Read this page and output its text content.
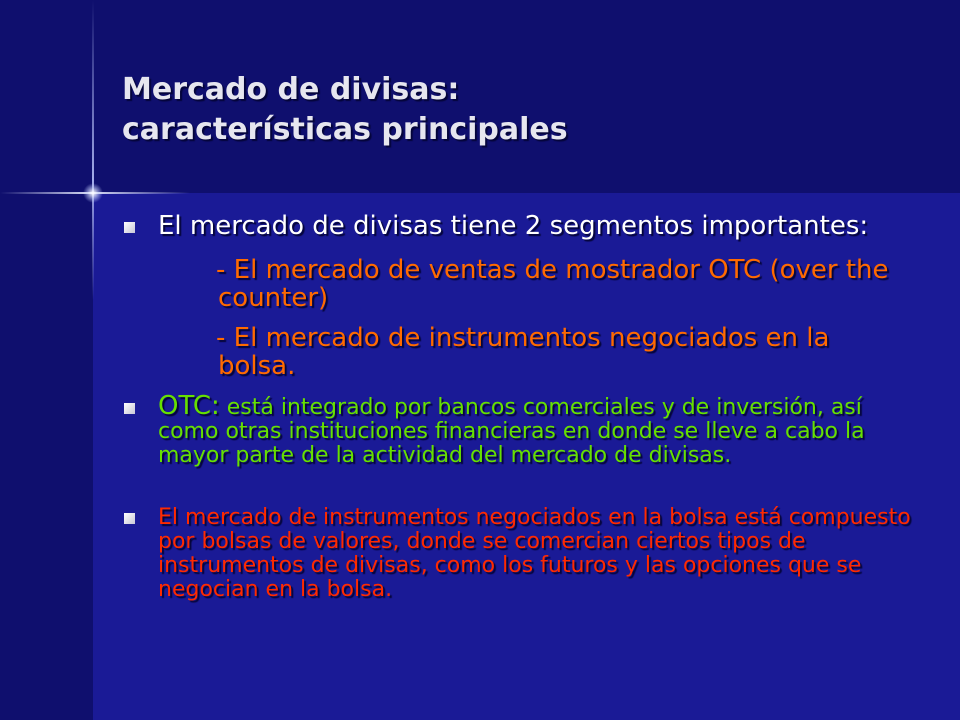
Mercado de divisas:
características principales
El mercado de divisas tiene 2 segmentos importantes:
- El mercado de ventas de mostrador OTC (over the counter)
- El mercado de instrumentos negociados en la bolsa.
OTC: está integrado por bancos comerciales y de inversión, así como otras instituciones financieras en donde se lleve a cabo la mayor parte de la actividad del mercado de divisas.
El mercado de instrumentos negociados en la bolsa está compuesto por bolsas de valores, donde se comercian ciertos tipos de instrumentos de divisas, como los futuros y las opciones que se negocian en la bolsa.
